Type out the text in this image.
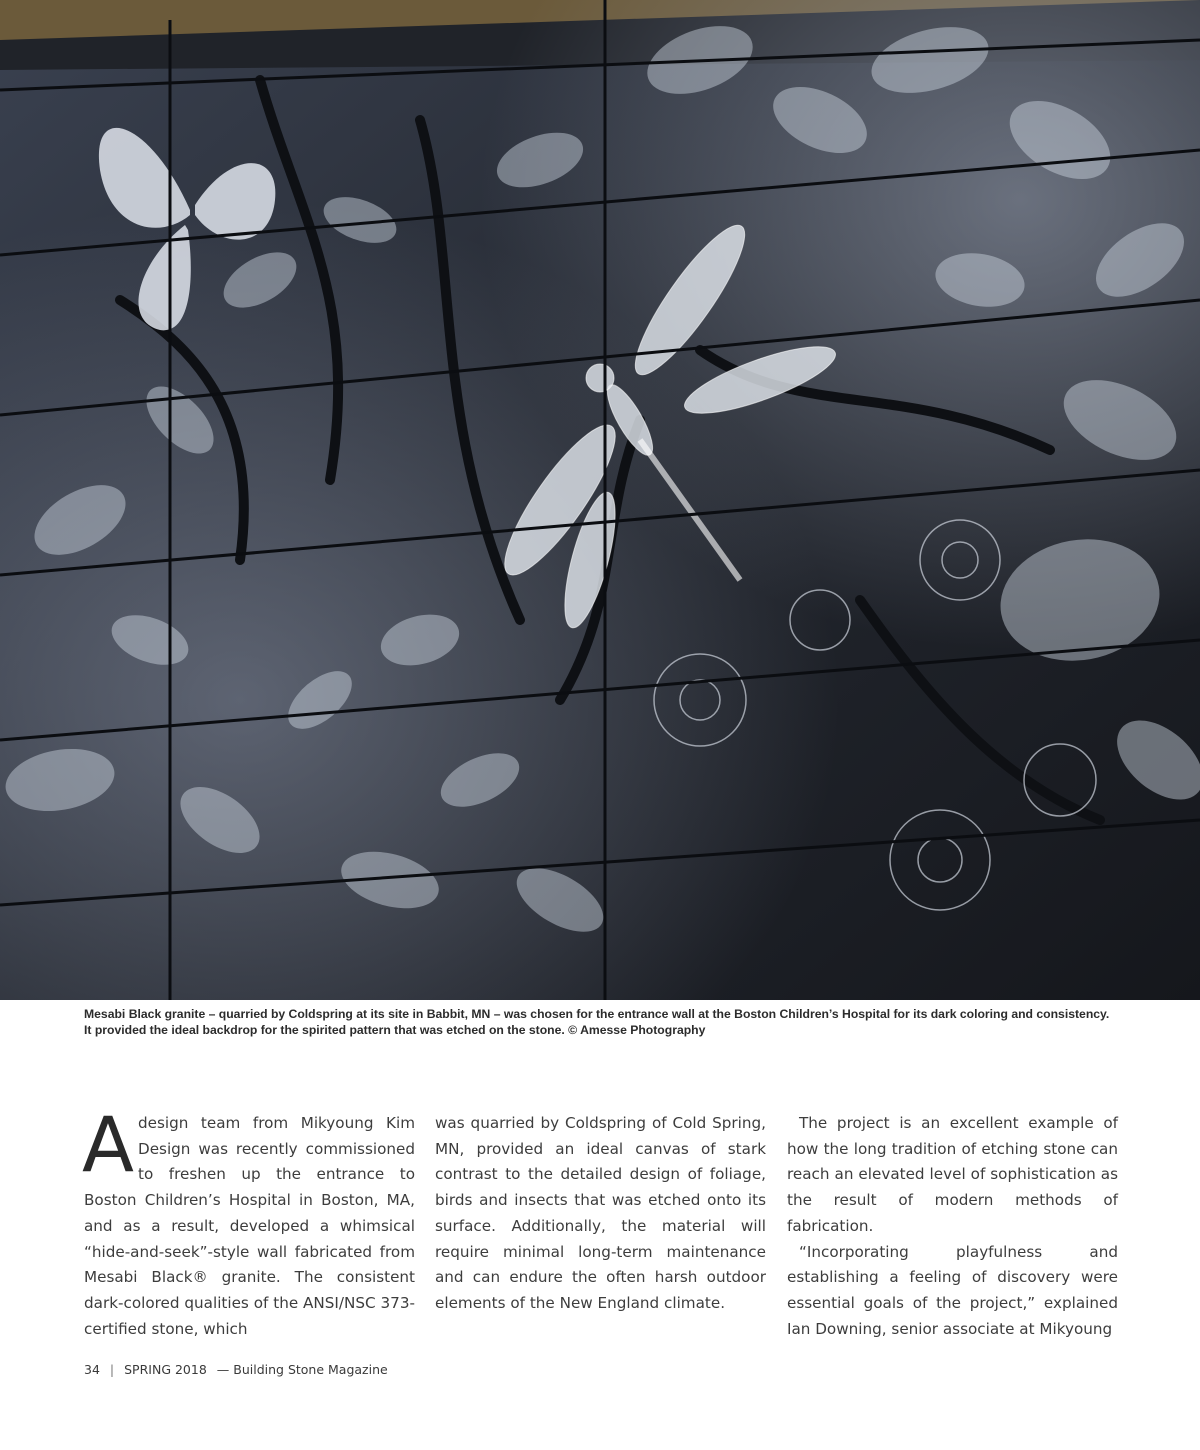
Mesabi Black granite – quarried by Coldspring at its site in Babbit, MN – was chosen for the entrance wall at the Boston Children’s Hospital for its dark coloring and consistency.

It provided the ideal backdrop for the spirited pattern that was etched on the stone. © Amesse Photography

Adesign team from Mikyoung Kim Design was recently commissioned to freshen up the entrance to Boston Children’s Hospital in Boston, MA, and as a result, developed a whimsical “hide-and-seek”-style wall fabricated from Mesabi Black® granite. The consistent dark-colored qualities of the ANSI/NSC 373-certified stone, which

was quarried by Coldspring of Cold Spring, MN, provided an ideal canvas of stark contrast to the detailed design of foliage, birds and insects that was etched onto its surface. Additionally, the material will require minimal long-term maintenance and can endure the often harsh outdoor elements of the New England climate.

The project is an excellent example of how the long tradition of etching stone can reach an elevated level of sophistication as the result of modern methods of fabrication.

“Incorporating playfulness and establishing a feeling of discovery were essential goals of the project,” explained Ian Downing, senior associate at Mikyoung

34 | SPRING 2018 — Building Stone Magazine
